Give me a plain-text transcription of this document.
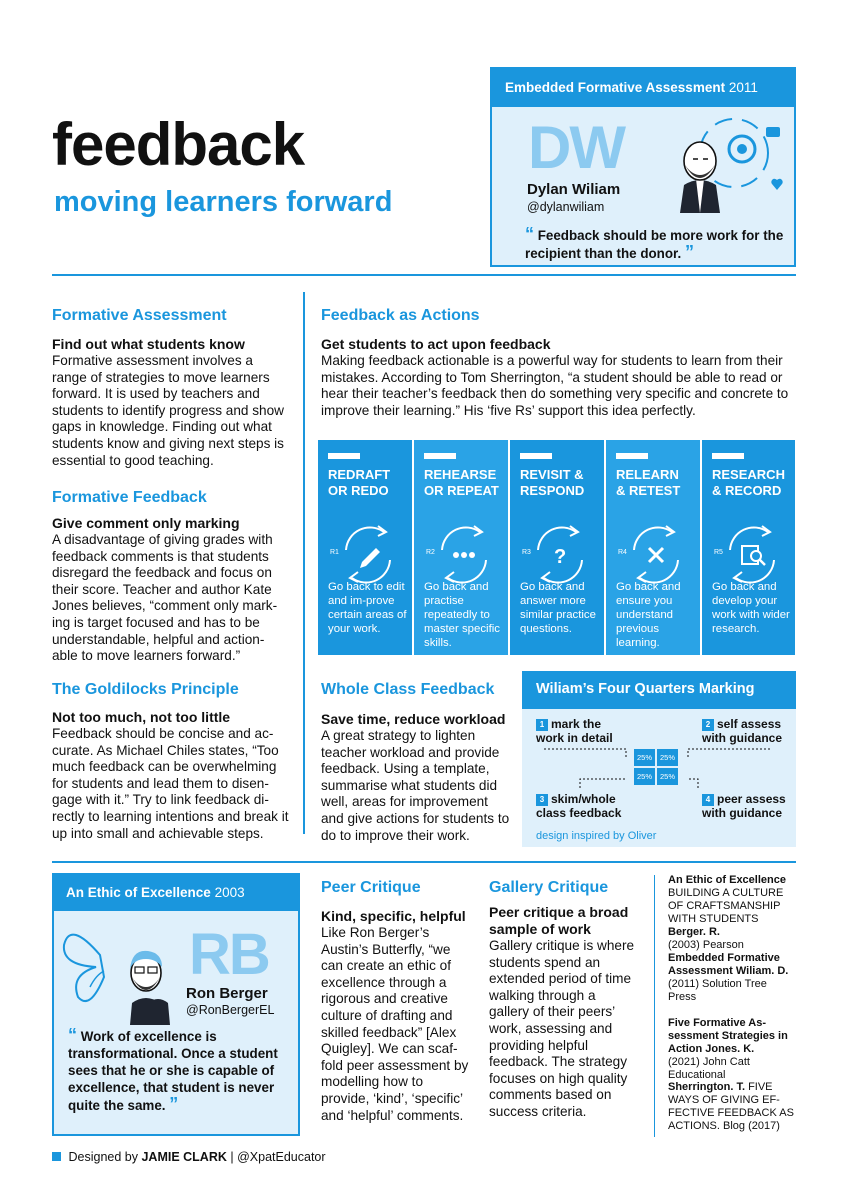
feedback
moving learners forward
Embedded Formative Assessment 2011
DW
Dylan Wiliam
@dylanwiliam
“ Feedback should be more work for the recipient than the donor. ”
Formative Assessment
Find out what students know
Formative assessment involves a range of strategies to move learners forward. It is used by teachers and students to identify progress and show gaps in knowledge. Finding out what students know and giving next steps is essential to good teaching.
Formative Feedback
Give comment only marking
A disadvantage of giving grades with feedback comments is that students disregard the feedback and focus on their score. Teacher and author Kate Jones believes, “comment only mark-ing is target focused and has to be understandable, helpful and action-able to move learners forward.”
The Goldilocks Principle
Not too much, not too little
Feedback should be concise and ac-curate. As Michael Chiles states, “Too much feedback can be overwhelming for students and lead them to disen-gage with it.” Try to link feedback di-rectly to learning intentions and break it up into small and achievable steps.
Feedback as Actions
Get students to act upon feedback
Making feedback actionable is a powerful way for students to learn from their mistakes. According to Tom Sherrington, “a student should be able to read or hear their teacher’s feedback then do something very specific and concrete to improve their learning.” His ‘five Rs’ support this idea perfectly.
REDRAFT
OR REDO
R1
Go back to edit and im-prove certain areas of your work.
REHEARSE
OR REPEAT
R2
Go back and practise repeatedly to master specific skills.
REVISIT &
RESPOND
?
R3
Go back and answer more similar practice questions.
RELEARN
& RETEST
R4
Go back and ensure you understand previous learning.
RESEARCH
& RECORD
R5
Go back and develop your work with wider research.
Whole Class Feedback
Save time, reduce workload
A great strategy to lighten teacher workload and provide feedback. Using a template, summarise what students did well, areas for improvement and give actions for students to do to improve their work.
Wiliam’s Four Quarters Marking
1 mark the
work in detail
2 self assess
with guidance
3 skim/whole
class feedback
4 peer assess
with guidance
25%	25%
25%	25%
design inspired by Oliver
An Ethic of Excellence 2003
RB
Ron Berger
@RonBergerEL
“ Work of excellence is transformational. Once a student sees that he or she is capable of excellence, that student is never quite the same. ”
Peer Critique
Kind, specific, helpful
Like Ron Berger’s Austin’s Butterfly, “we can create an ethic of excellence through a rigorous and creative culture of drafting and skilled feedback” [Alex Quigley]. We can scaf-fold peer assessment by modelling how to provide, ‘kind’, ‘specific’ and ‘helpful’ comments.
Gallery Critique
Peer critique a broad sample of work
Gallery critique is where students spend an extended period of time walking through a gallery of their peers’ work, assessing and providing helpful feedback. The strategy focuses on high quality comments based on success criteria.
An Ethic of Excellence
BUILDING A CULTURE OF CRAFTSMANSHIP WITH STUDENTS Berger. R.
(2003) Pearson
Embedded Formative Assessment Wiliam. D.
(2011) Solution Tree Press
Five Formative As-sessment Strategies in Action Jones. K.
(2021) John Catt Educational
Sherrington. T. FIVE WAYS OF GIVING EF-FECTIVE FEEDBACK AS ACTIONS. Blog (2017)
Designed by JAMIE CLARK | @XpatEducator
